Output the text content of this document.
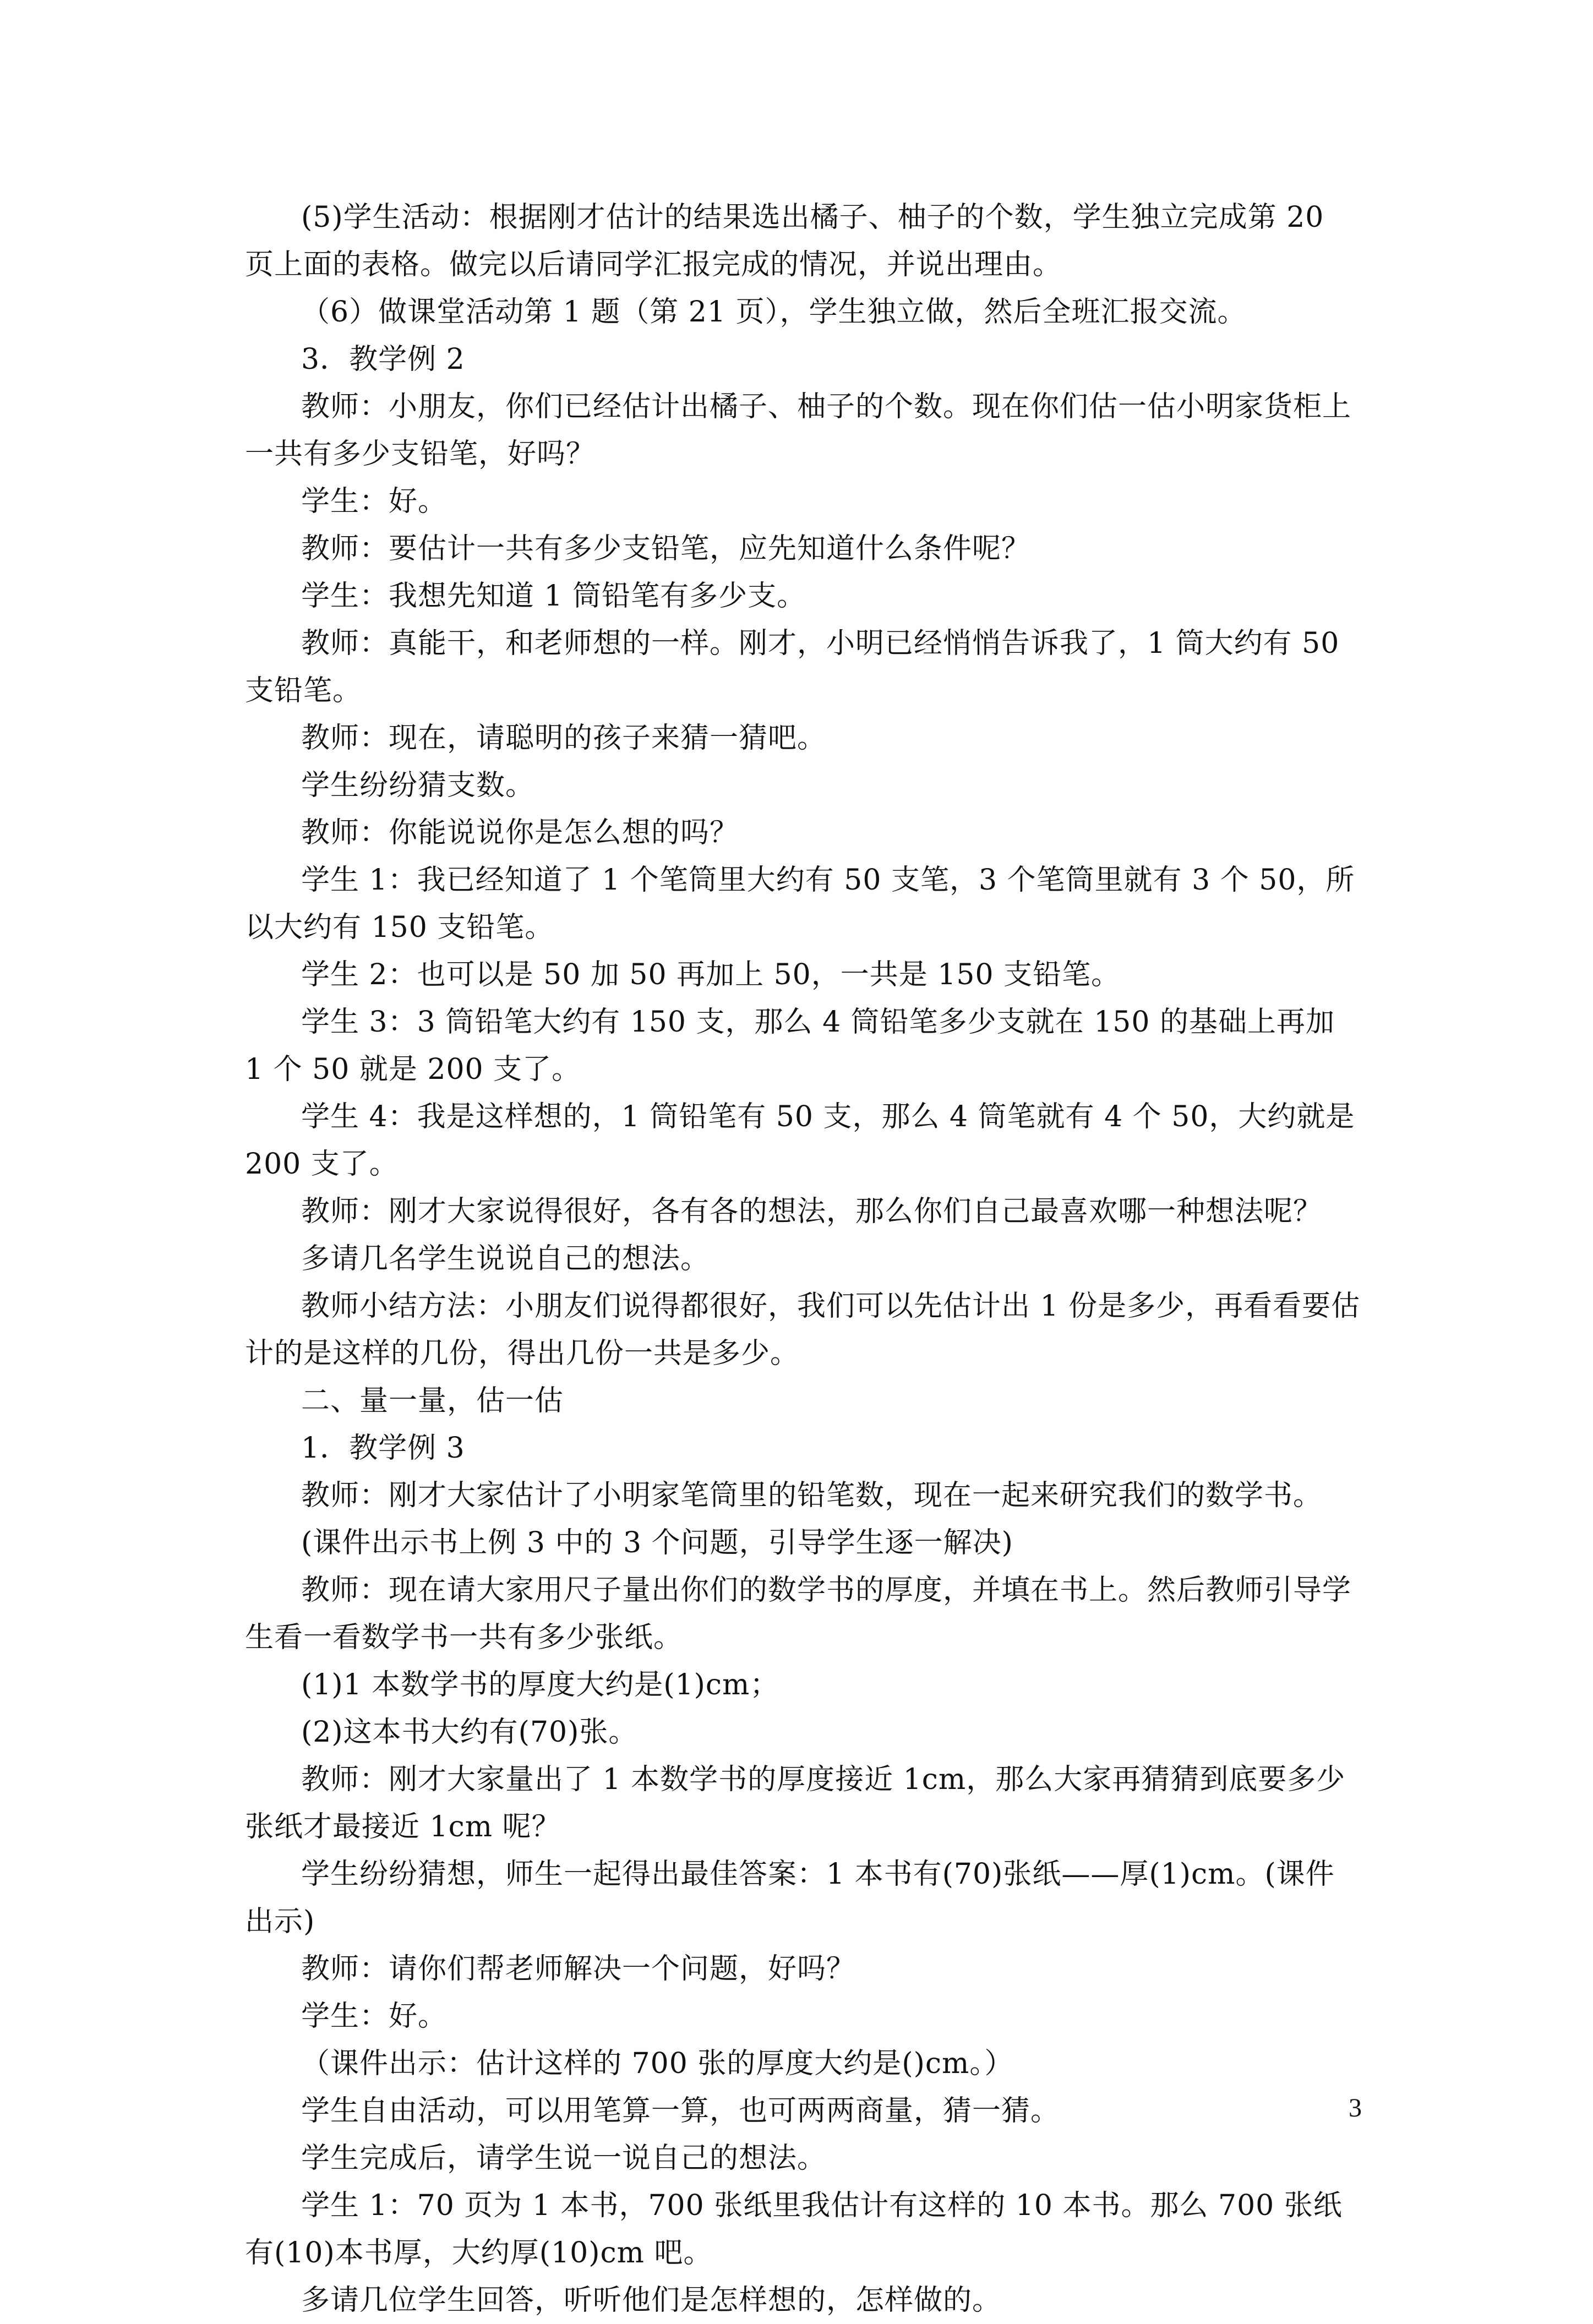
(5)学生活动：根据刚才估计的结果选出橘子、柚子的个数，学生独立完成第 20 页上面的表格。做完以后请同学汇报完成的情况，并说出理由。

（6）做课堂活动第 1 题（第 21 页），学生独立做，然后全班汇报交流。

3．教学例 2

教师：小朋友，你们已经估计出橘子、柚子的个数。现在你们估一估小明家货柜上一共有多少支铅笔，好吗？

学生：好。

教师：要估计一共有多少支铅笔，应先知道什么条件呢？

学生：我想先知道 1 筒铅笔有多少支。

教师：真能干，和老师想的一样。刚才，小明已经悄悄告诉我了，1 筒大约有 50 支铅笔。

教师：现在，请聪明的孩子来猜一猜吧。

学生纷纷猜支数。

教师：你能说说你是怎么想的吗？

学生 1：我已经知道了 1 个笔筒里大约有 50 支笔，3 个笔筒里就有 3 个 50，所以大约有 150 支铅笔。

学生 2：也可以是 50 加 50 再加上 50，一共是 150 支铅笔。

学生 3：3 筒铅笔大约有 150 支，那么 4 筒铅笔多少支就在 150 的基础上再加 1 个 50 就是 200 支了。

学生 4：我是这样想的，1 筒铅笔有 50 支，那么 4 筒笔就有 4 个 50，大约就是 200 支了。

教师：刚才大家说得很好，各有各的想法，那么你们自己最喜欢哪一种想法呢？

多请几名学生说说自己的想法。

教师小结方法：小朋友们说得都很好，我们可以先估计出 1 份是多少，再看看要估计的是这样的几份，得出几份一共是多少。

二、量一量，估一估

1．教学例 3

教师：刚才大家估计了小明家笔筒里的铅笔数，现在一起来研究我们的数学书。

(课件出示书上例 3 中的 3 个问题，引导学生逐一解决)

教师：现在请大家用尺子量出你们的数学书的厚度，并填在书上。然后教师引导学生看一看数学书一共有多少张纸。

(1)1 本数学书的厚度大约是(1)cm；

(2)这本书大约有(70)张。

教师：刚才大家量出了 1 本数学书的厚度接近 1cm，那么大家再猜猜到底要多少张纸才最接近 1cm 呢？

学生纷纷猜想，师生一起得出最佳答案：1 本书有(70)张纸——厚(1)cm。(课件出示)

教师：请你们帮老师解决一个问题，好吗？

学生：好。

（课件出示：估计这样的 700 张的厚度大约是()cm。）

学生自由活动，可以用笔算一算，也可两两商量，猜一猜。

学生完成后，请学生说一说自己的想法。

学生 1：70 页为 1 本书，700 张纸里我估计有这样的 10 本书。那么 700 张纸有(10)本书厚，大约厚(10)cm 吧。

多请几位学生回答，听听他们是怎样想的，怎样做的。

3
